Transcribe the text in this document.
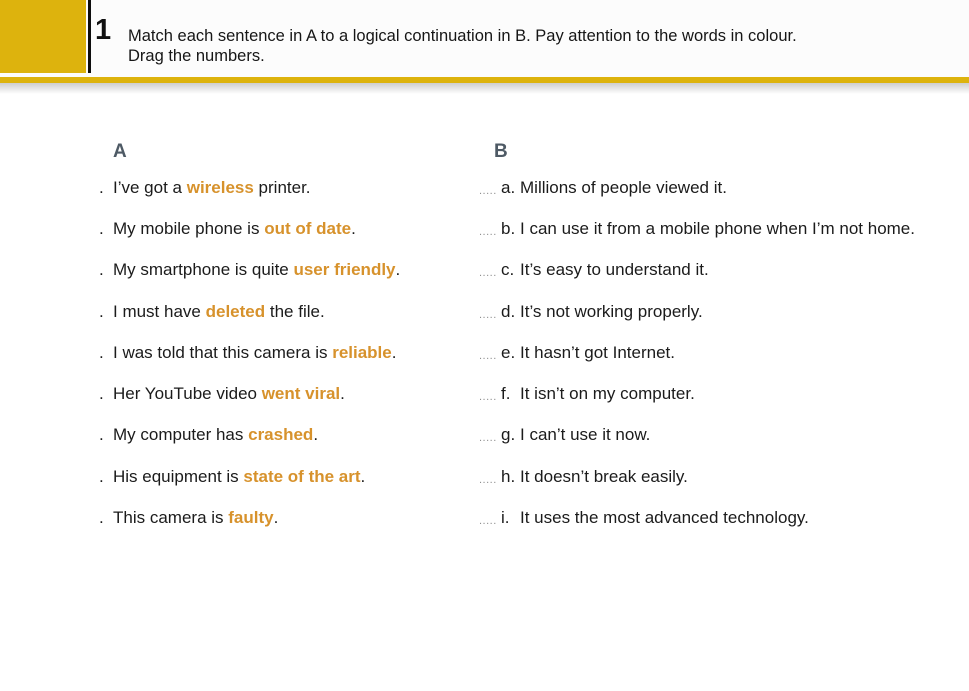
1 Match each sentence in A to a logical continuation in B. Pay attention to the words in colour.
Drag the numbers.
A
. I’ve got a wireless printer.
. My mobile phone is out of date.
. My smartphone is quite user friendly.
. I must have deleted the file.
. I was told that this camera is reliable.
. Her YouTube video went viral.
. My computer has crashed.
. His equipment is state of the art.
. This camera is faulty.
B
..... a. Millions of people viewed it.
..... b. I can use it from a mobile phone when I’m not home.
..... c. It’s easy to understand it.
..... d. It’s not working properly.
..... e. It hasn’t got Internet.
..... f. It isn’t on my computer.
..... g. I can’t use it now.
..... h. It doesn’t break easily.
..... i. It uses the most advanced technology.
